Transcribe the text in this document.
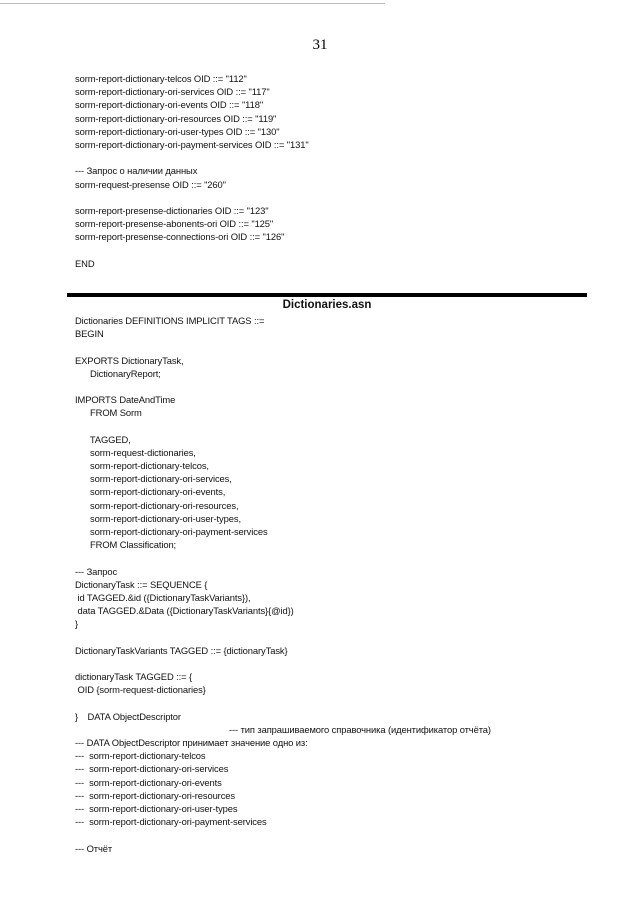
31
sorm-report-dictionary-telcos OID ::= "112"
sorm-report-dictionary-ori-services OID ::= "117"
sorm-report-dictionary-ori-events OID ::= "118"
sorm-report-dictionary-ori-resources OID ::= "119"
sorm-report-dictionary-ori-user-types OID ::= "130"
sorm-report-dictionary-ori-payment-services OID ::= "131"
--- Запрос о наличии данных
sorm-request-presense OID ::= "260"
sorm-report-presense-dictionaries OID ::= "123"
sorm-report-presense-abonents-ori OID ::= "125"
sorm-report-presense-connections-ori OID ::= "126"
END
Dictionaries.asn
Dictionaries DEFINITIONS IMPLICIT TAGS ::=
BEGIN
EXPORTS DictionaryTask,
DictionaryReport;
IMPORTS DateAndTime
FROM Sorm
TAGGED,
sorm-request-dictionaries,
sorm-report-dictionary-telcos,
sorm-report-dictionary-ori-services,
sorm-report-dictionary-ori-events,
sorm-report-dictionary-ori-resources,
sorm-report-dictionary-ori-user-types,
sorm-report-dictionary-ori-payment-services
FROM Classification;
--- Запрос
DictionaryTask ::= SEQUENCE {
id TAGGED.&id ({DictionaryTaskVariants}),
data TAGGED.&Data ({DictionaryTaskVariants}{@id})
}
DictionaryTaskVariants TAGGED ::= {dictionaryTask}
dictionaryTask TAGGED ::= {
OID {sorm-request-dictionaries}

DATA ObjectDescriptor

--- тип запрашиваемого справочника (идентификатор отчёта)

}
--- DATA ObjectDescriptor принимает значение одно из:
---  sorm-report-dictionary-telcos
---  sorm-report-dictionary-ori-services
---  sorm-report-dictionary-ori-events
---  sorm-report-dictionary-ori-resources
---  sorm-report-dictionary-ori-user-types
---  sorm-report-dictionary-ori-payment-services
--- Отчёт
